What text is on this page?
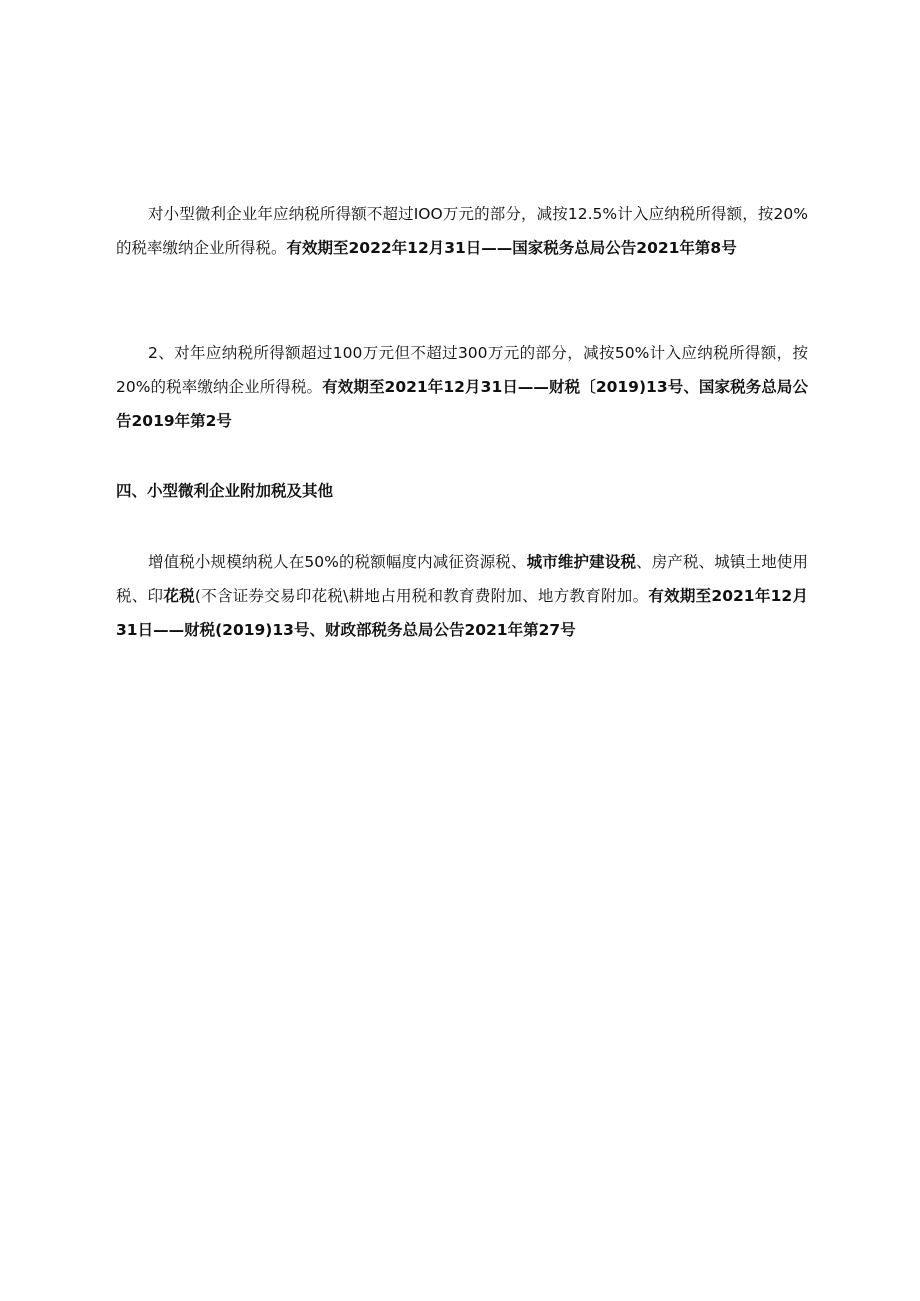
对小型微利企业年应纳税所得额不超过IOO万元的部分，减按12.5%计入应纳税所得额，按20%的税率缴纳企业所得税。有效期至2022年12月31日——国家税务总局公告2021年第8号

2、对年应纳税所得额超过100万元但不超过300万元的部分，减按50%计入应纳税所得额，按20%的税率缴纳企业所得税。有效期至2021年12月31日——财税〔2019)13号、国家税务总局公告2019年第2号

四、小型微利企业附加税及其他

增值税小规模纳税人在50%的税额幅度内减征资源税、城市维护建设税、房产税、城镇土地使用税、印花税(不含证券交易印花税\耕地占用税和教育费附加、地方教育附加。有效期至2021年12月31日——财税(2019)13号、财政部税务总局公告2021年第27号
